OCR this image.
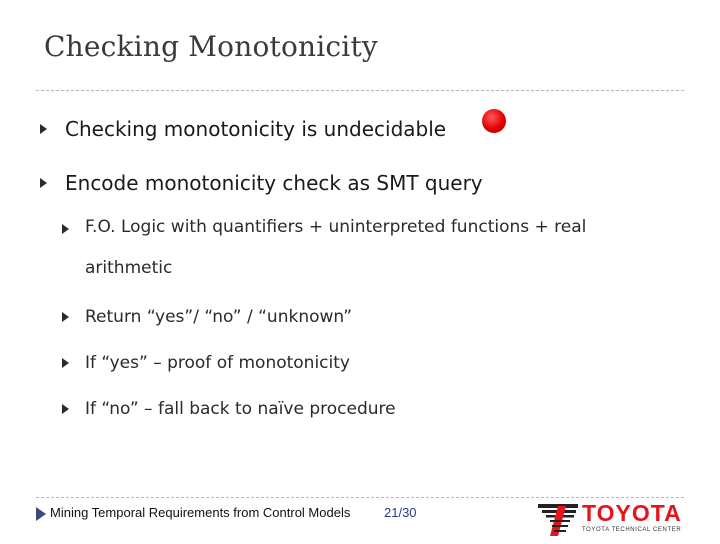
Checking Monotonicity
Checking monotonicity is undecidable
Encode monotonicity check as SMT query
F.O. Logic with quantifiers + uninterpreted functions + real arithmetic
Return “yes”/ “no” / “unknown”
If “yes” – proof of monotonicity
If “no” – fall back to naïve procedure
Mining Temporal Requirements from Control Models	21/30	TOYOTA
TOYOTA TECHNICAL CENTER
